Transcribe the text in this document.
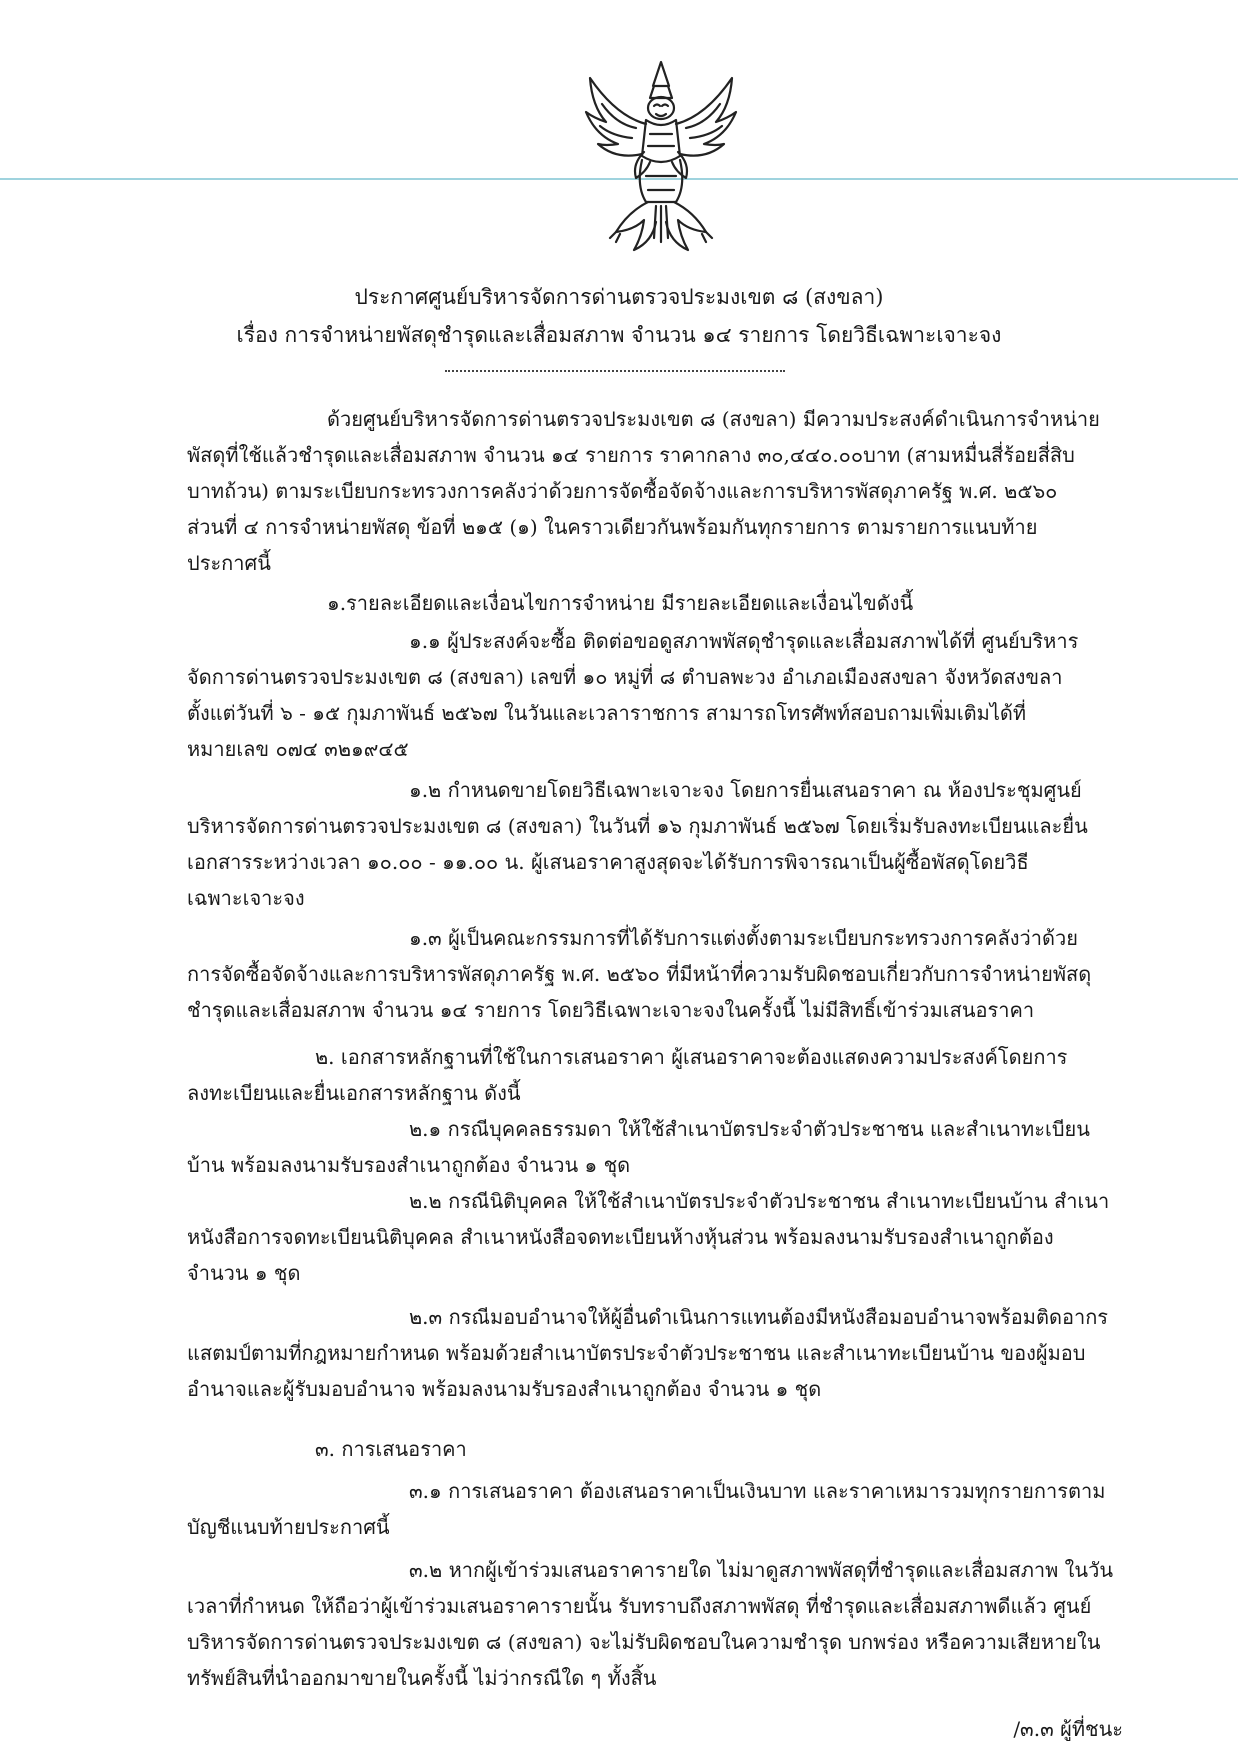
ประกาศศูนย์บริหารจัดการด่านตรวจประมงเขต ๘ (สงขลา)
เรื่อง การจำหน่ายพัสดุชำรุดและเสื่อมสภาพ จำนวน ๑๔ รายการ โดยวิธีเฉพาะเจาะจง
ด้วยศูนย์บริหารจัดการด่านตรวจประมงเขต ๘ (สงขลา) มีความประสงค์ดำเนินการจำหน่าย
พัสดุที่ใช้แล้วชำรุดและเสื่อมสภาพ จำนวน ๑๔ รายการ ราคากลาง ๓๐,๔๔๐.๐๐บาท (สามหมื่นสี่ร้อยสี่สิบ
บาทถ้วน) ตามระเบียบกระทรวงการคลังว่าด้วยการจัดซื้อจัดจ้างและการบริหารพัสดุภาครัฐ พ.ศ. ๒๕๖๐
ส่วนที่ ๔ การจำหน่ายพัสดุ ข้อที่ ๒๑๕ (๑) ในคราวเดียวกันพร้อมกันทุกรายการ ตามรายการแนบท้าย
ประกาศนี้
๑.รายละเอียดและเงื่อนไขการจำหน่าย มีรายละเอียดและเงื่อนไขดังนี้
๑.๑ ผู้ประสงค์จะซื้อ ติดต่อขอดูสภาพพัสดุชำรุดและเสื่อมสภาพได้ที่ ศูนย์บริหาร
จัดการด่านตรวจประมงเขต ๘ (สงขลา) เลขที่ ๑๐ หมู่ที่ ๘ ตำบลพะวง อำเภอเมืองสงขลา จังหวัดสงขลา
ตั้งแต่วันที่ ๖ - ๑๕ กุมภาพันธ์ ๒๕๖๗ ในวันและเวลาราชการ สามารถโทรศัพท์สอบถามเพิ่มเติมได้ที่
หมายเลข ๐๗๔ ๓๒๑๙๔๕
๑.๒ กำหนดขายโดยวิธีเฉพาะเจาะจง โดยการยื่นเสนอราคา ณ ห้องประชุมศูนย์
บริหารจัดการด่านตรวจประมงเขต ๘ (สงขลา) ในวันที่ ๑๖ กุมภาพันธ์ ๒๕๖๗ โดยเริ่มรับลงทะเบียนและยื่น
เอกสารระหว่างเวลา ๑๐.๐๐ - ๑๑.๐๐ น. ผู้เสนอราคาสูงสุดจะได้รับการพิจารณาเป็นผู้ซื้อพัสดุโดยวิธี
เฉพาะเจาะจง
๑.๓ ผู้เป็นคณะกรรมการที่ได้รับการแต่งตั้งตามระเบียบกระทรวงการคลังว่าด้วย
การจัดซื้อจัดจ้างและการบริหารพัสดุภาครัฐ พ.ศ. ๒๕๖๐ ที่มีหน้าที่ความรับผิดชอบเกี่ยวกับการจำหน่ายพัสดุ
ชำรุดและเสื่อมสภาพ จำนวน ๑๔ รายการ โดยวิธีเฉพาะเจาะจงในครั้งนี้ ไม่มีสิทธิ์เข้าร่วมเสนอราคา
๒. เอกสารหลักฐานที่ใช้ในการเสนอราคา ผู้เสนอราคาจะต้องแสดงความประสงค์โดยการ
ลงทะเบียนและยื่นเอกสารหลักฐาน ดังนี้
๒.๑ กรณีบุคคลธรรมดา ให้ใช้สำเนาบัตรประจำตัวประชาชน และสำเนาทะเบียน
บ้าน พร้อมลงนามรับรองสำเนาถูกต้อง จำนวน ๑ ชุด
๒.๒ กรณีนิติบุคคล ให้ใช้สำเนาบัตรประจำตัวประชาชน สำเนาทะเบียนบ้าน สำเนา
หนังสือการจดทะเบียนนิติบุคคล สำเนาหนังสือจดทะเบียนห้างหุ้นส่วน พร้อมลงนามรับรองสำเนาถูกต้อง
จำนวน ๑ ชุด
๒.๓ กรณีมอบอำนาจให้ผู้อื่นดำเนินการแทนต้องมีหนังสือมอบอำนาจพร้อมติดอากร
แสตมป์ตามที่กฎหมายกำหนด พร้อมด้วยสำเนาบัตรประจำตัวประชาชน และสำเนาทะเบียนบ้าน ของผู้มอบ
อำนาจและผู้รับมอบอำนาจ พร้อมลงนามรับรองสำเนาถูกต้อง จำนวน ๑ ชุด
๓. การเสนอราคา
๓.๑ การเสนอราคา ต้องเสนอราคาเป็นเงินบาท และราคาเหมารวมทุกรายการตาม
บัญชีแนบท้ายประกาศนี้
๓.๒ หากผู้เข้าร่วมเสนอราคารายใด ไม่มาดูสภาพพัสดุที่ชำรุดและเสื่อมสภาพ ในวัน
เวลาที่กำหนด ให้ถือว่าผู้เข้าร่วมเสนอราคารายนั้น รับทราบถึงสภาพพัสดุ ที่ชำรุดและเสื่อมสภาพดีแล้ว ศูนย์
บริหารจัดการด่านตรวจประมงเขต ๘ (สงขลา) จะไม่รับผิดชอบในความชำรุด บกพร่อง หรือความเสียหายใน
ทรัพย์สินที่นำออกมาขายในครั้งนี้ ไม่ว่ากรณีใด ๆ ทั้งสิ้น
/๓.๓ ผู้ที่ชนะ
